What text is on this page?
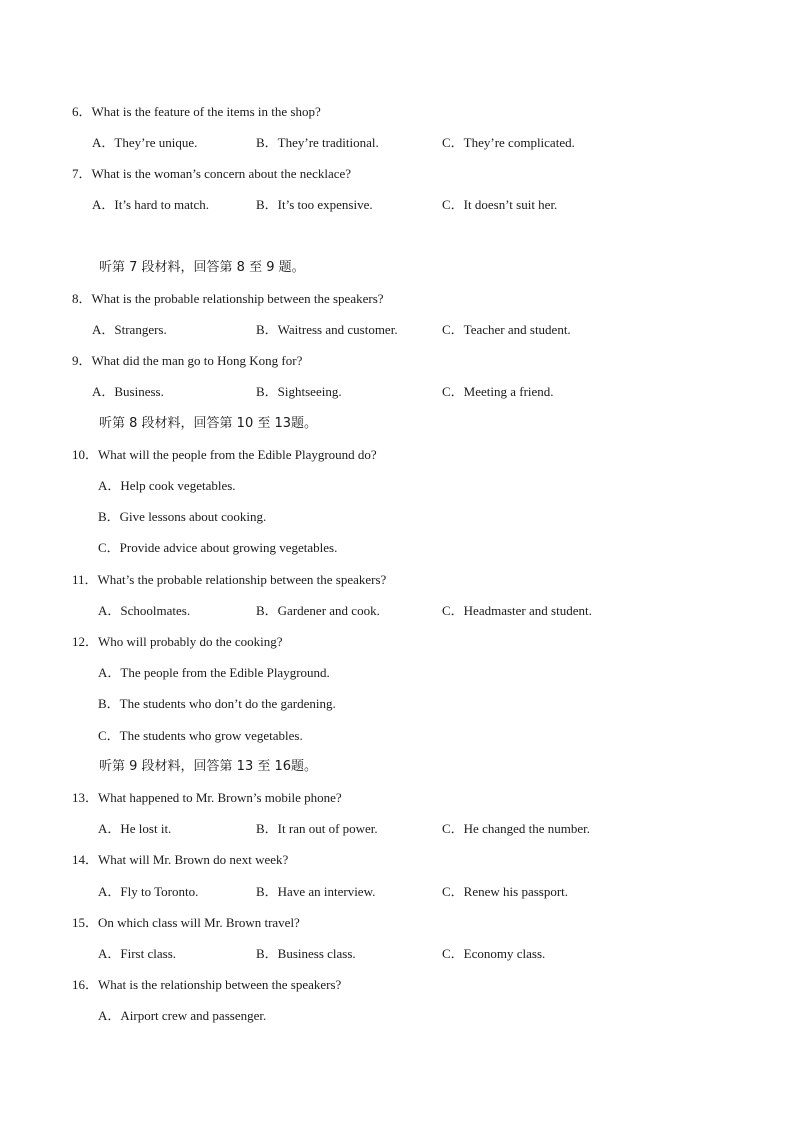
6．What is the feature of the items in the shop?
A．They’re unique.	B．They’re traditional.	C．They’re complicated.
7．What is the woman’s concern about the necklace?
A．It’s hard to match.	B．It’s too expensive.	C．It doesn’t suit her.
听第 7 段材料，回答第 8 至 9 题。
8．What is the probable relationship between the speakers?
A．Strangers.	B．Waitress and customer.	C．Teacher and student.
9．What did the man go to Hong Kong for?
A．Business.	B．Sightseeing.	C．Meeting a friend.
听第 8 段材料，回答第 10 至 13题。
10．What will the people from the Edible Playground do?
A．Help cook vegetables.
B．Give lessons about cooking.
C．Provide advice about growing vegetables.
11．What’s the probable relationship between the speakers?
A．Schoolmates.	B．Gardener and cook.	C．Headmaster and student.
12．Who will probably do the cooking?
A．The people from the Edible Playground.
B．The students who don’t do the gardening.
C．The students who grow vegetables.
听第 9 段材料，回答第 13 至 16题。
13．What happened to Mr. Brown’s mobile phone?
A．He lost it.	B．It ran out of power.	C．He changed the number.
14．What will Mr. Brown do next week?
A．Fly to Toronto.	B．Have an interview.	C．Renew his passport.
15．On which class will Mr. Brown travel?
A．First class.	B．Business class.	C．Economy class.
16．What is the relationship between the speakers?
A．Airport crew and passenger.
